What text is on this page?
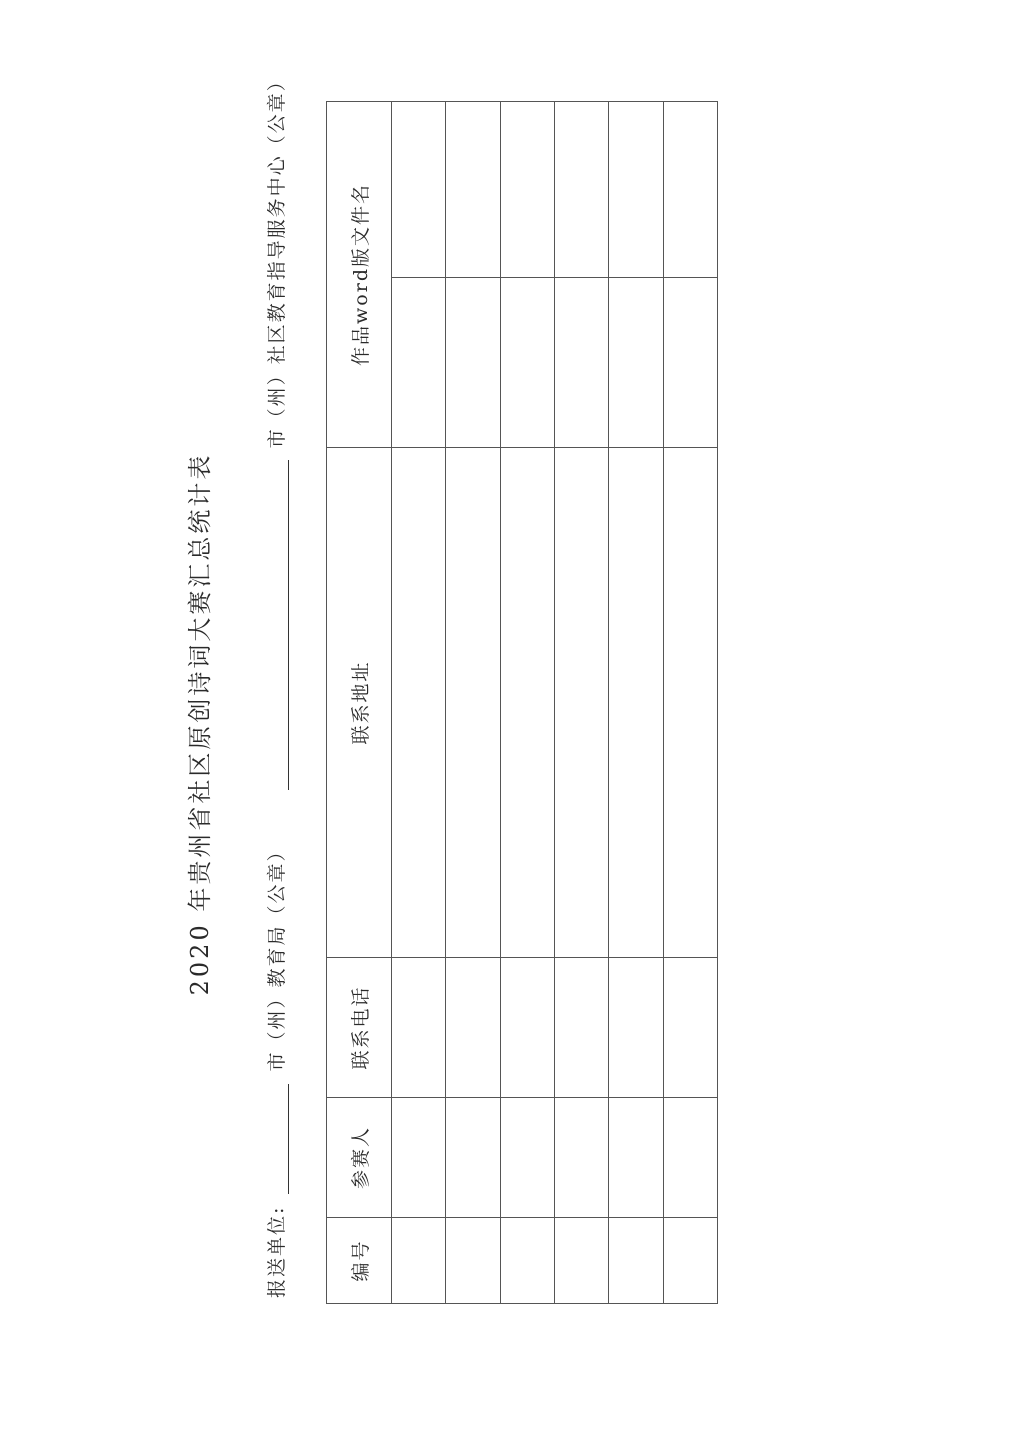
2020 年贵州省社区原创诗词大赛汇总统计表
报送单位:  市（州）教育局（公章）   市（州）社区教育指导服务中心（公章）
编号	参赛人	联系电话	联系地址	作品word版文件名	
